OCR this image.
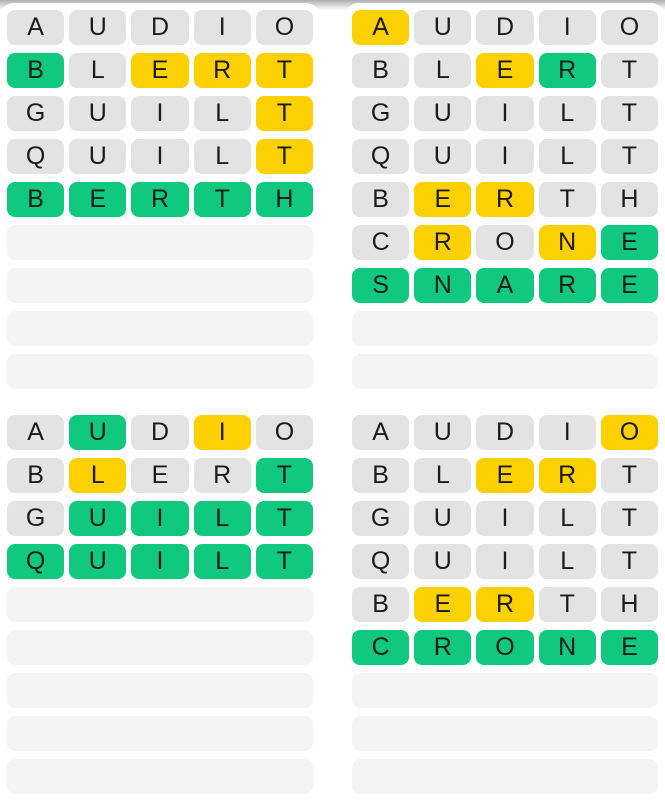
A	U	D	I	O
B	L	E	R	T
G	U	I	L	T
Q	U	I	L	T
B	E	R	T	H
A	U	D	I	O
B	L	E	R	T
G	U	I	L	T
Q	U	I	L	T
B	E	R	T	H
C	R	O	N	E
S	N	A	R	E
A	U	D	I	O
B	L	E	R	T
G	U	I	L	T
Q	U	I	L	T
A	U	D	I	O
B	L	E	R	T
G	U	I	L	T
Q	U	I	L	T
B	E	R	T	H
C	R	O	N	E
